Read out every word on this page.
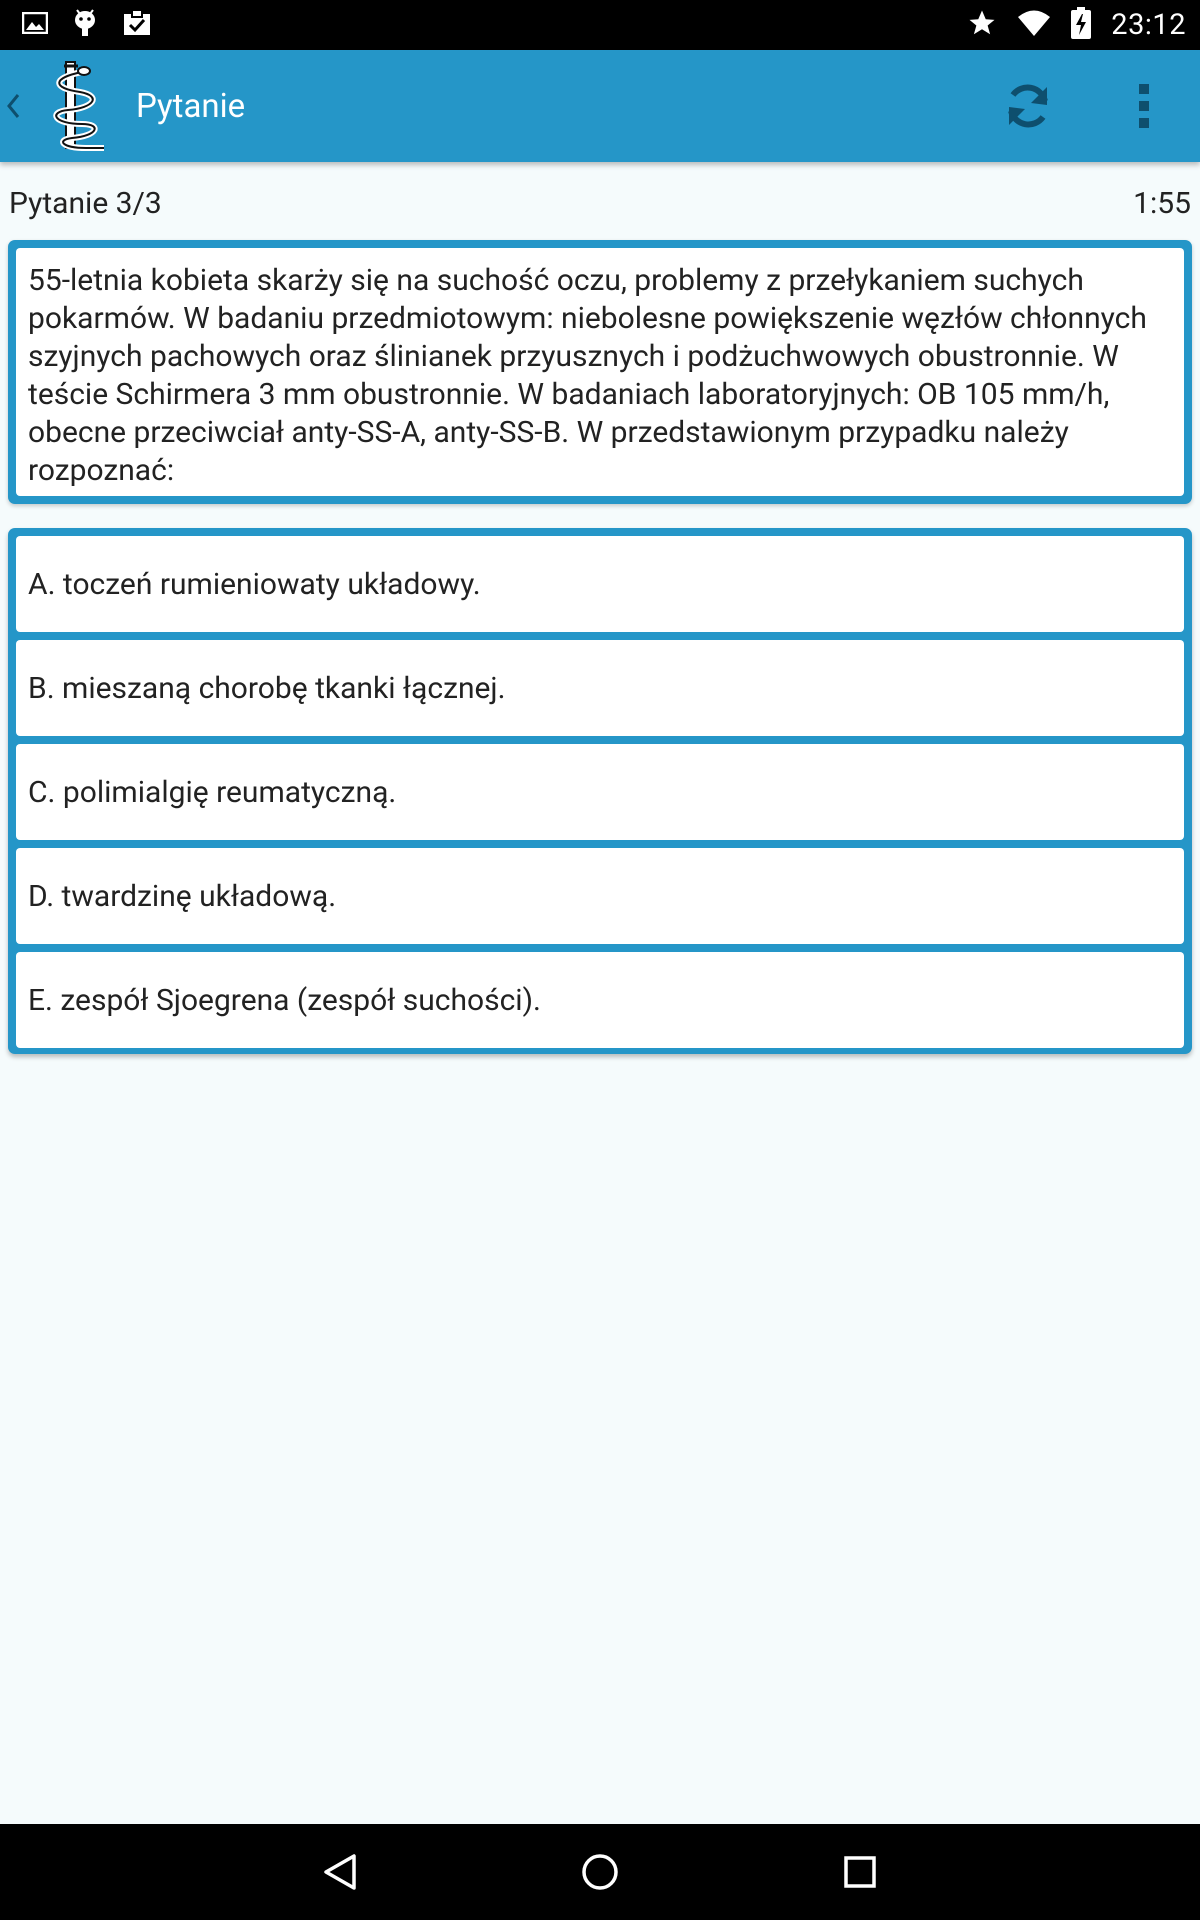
23:12
Pytanie
Pytanie 3/3	1:55
55-letnia kobieta skarży się na suchość oczu, problemy z przełykaniem suchych pokarmów. W badaniu przedmiotowym: niebolesne powiększenie węzłów chłonnych szyjnych pachowych oraz ślinianek przyusznych i podżuchwowych obustronnie. W teście Schirmera 3 mm obustronnie. W badaniach laboratoryjnych: OB 105 mm/h, obecne przeciwciał anty-SS-A, anty-SS-B. W przedstawionym przypadku należy rozpoznać:
A. toczeń rumieniowaty układowy.
B. mieszaną chorobę tkanki łącznej.
C. polimialgię reumatyczną.
D. twardzinę układową.
E. zespół Sjoegrena (zespół suchości).
